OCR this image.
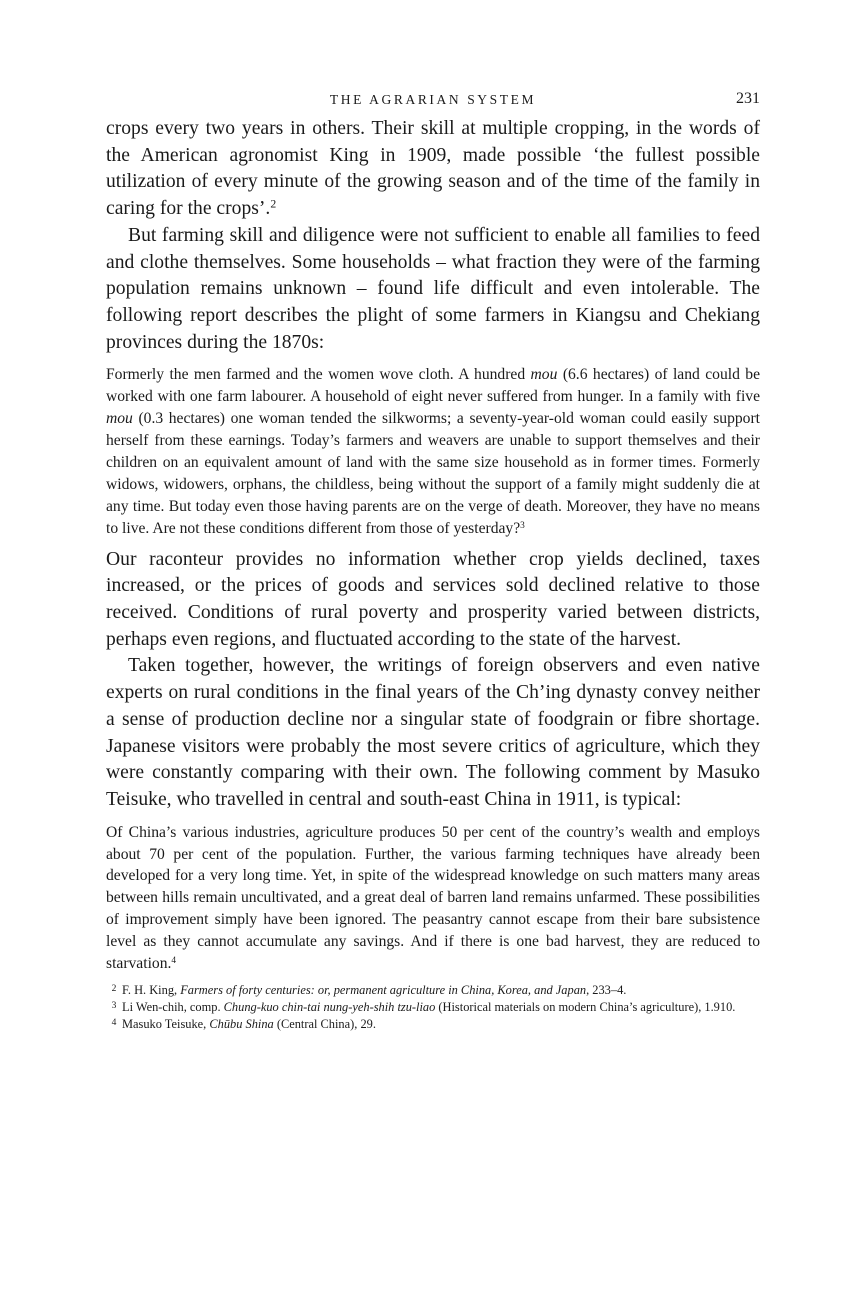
THE AGRARIAN SYSTEM	231

crops every two years in others. Their skill at multiple cropping, in the words of the American agronomist King in 1909, made possible ‘the fullest possible utilization of every minute of the growing season and of the time of the family in caring for the crops’.$^2$

But farming skill and diligence were not sufficient to enable all families to feed and clothe themselves. Some households – what fraction they were of the farming population remains unknown – found life difficult and even intolerable. The following report describes the plight of some farmers in Kiangsu and Chekiang provinces during the 1870s:

Formerly the men farmed and the women wove cloth. A hundred mou (6.6 hectares) of land could be worked with one farm labourer. A household of eight never suffered from hunger. In a family with five mou (0.3 hectares) one woman tended the silkworms; a seventy-year-old woman could easily support herself from these earnings. Today’s farmers and weavers are unable to support themselves and their children on an equivalent amount of land with the same size household as in former times. Formerly widows, widowers, orphans, the childless, being without the support of a family might suddenly die at any time. But today even those having parents are on the verge of death. Moreover, they have no means to live. Are not these conditions different from those of yesterday?$^3$

Our raconteur provides no information whether crop yields declined, taxes increased, or the prices of goods and services sold declined relative to those received. Conditions of rural poverty and prosperity varied between districts, perhaps even regions, and fluctuated according to the state of the harvest.

Taken together, however, the writings of foreign observers and even native experts on rural conditions in the final years of the Ch’ing dynasty convey neither a sense of production decline nor a singular state of foodgrain or fibre shortage. Japanese visitors were probably the most severe critics of agriculture, which they were constantly comparing with their own. The following comment by Masuko Teisuke, who travelled in central and south-east China in 1911, is typical:

Of China’s various industries, agriculture produces 50 per cent of the country’s wealth and employs about 70 per cent of the population. Further, the various farming techniques have already been developed for a very long time. Yet, in spite of the widespread knowledge on such matters many areas between hills remain uncultivated, and a great deal of barren land remains unfarmed. These possibilities of improvement simply have been ignored. The peasantry cannot escape from their bare subsistence level as they cannot accumulate any savings. And if there is one bad harvest, they are reduced to starvation.$^4$

2 F. H. King, Farmers of forty centuries: or, permanent agriculture in China, Korea, and Japan, 233–4.

3 Li Wen-chih, comp. Chung-kuo chin-tai nung-yeh-shih tzu-liao (Historical materials on modern China’s agriculture), 1.910.

4 Masuko Teisuke, Chūbu Shina (Central China), 29.
